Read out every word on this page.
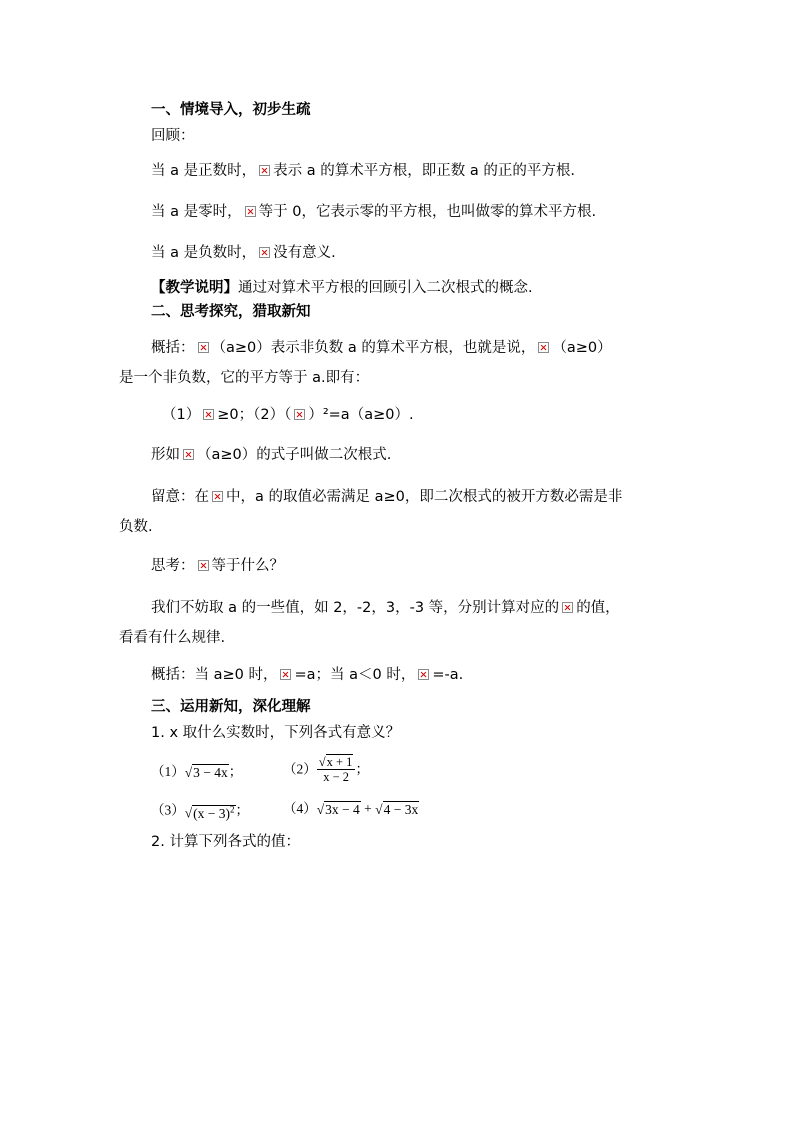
一、情境导入，初步生疏
回顾：
当 a 是正数时， 表示 a 的算术平方根，即正数 a 的正的平方根.
当 a 是零时， 等于 0，它表示零的平方根，也叫做零的算术平方根.
当 a 是负数时， 没有意义.
【教学说明】通过对算术平方根的回顾引入二次根式的概念.
二、思考探究，猎取新知
概括： （a≥0）表示非负数 a 的算术平方根，也就是说， （a≥0）
是一个非负数，它的平方等于 a.即有：
（1） ≥0；（2）（ ）²=a（a≥0）.
形如 （a≥0）的式子叫做二次根式.
留意：在 中，a 的取值必需满足 a≥0，即二次根式的被开方数必需是非
负数.
思考： 等于什么？
我们不妨取 a 的一些值，如 2，-2，3，-3 等，分别计算对应的 的值，
看看有什么规律.
概括：当 a≥0 时， =a；当 a＜0 时， =-a.
三、运用新知，深化理解
1. x 取什么实数时，下列各式有意义？
（1）√3 − 4x；	$(2) \frac{√x + 1}{x - 2}$ ；
$(3)√(x - 3)^2$；	（4）√3x − 4 + √4 − 3x
2. 计算下列各式的值：
